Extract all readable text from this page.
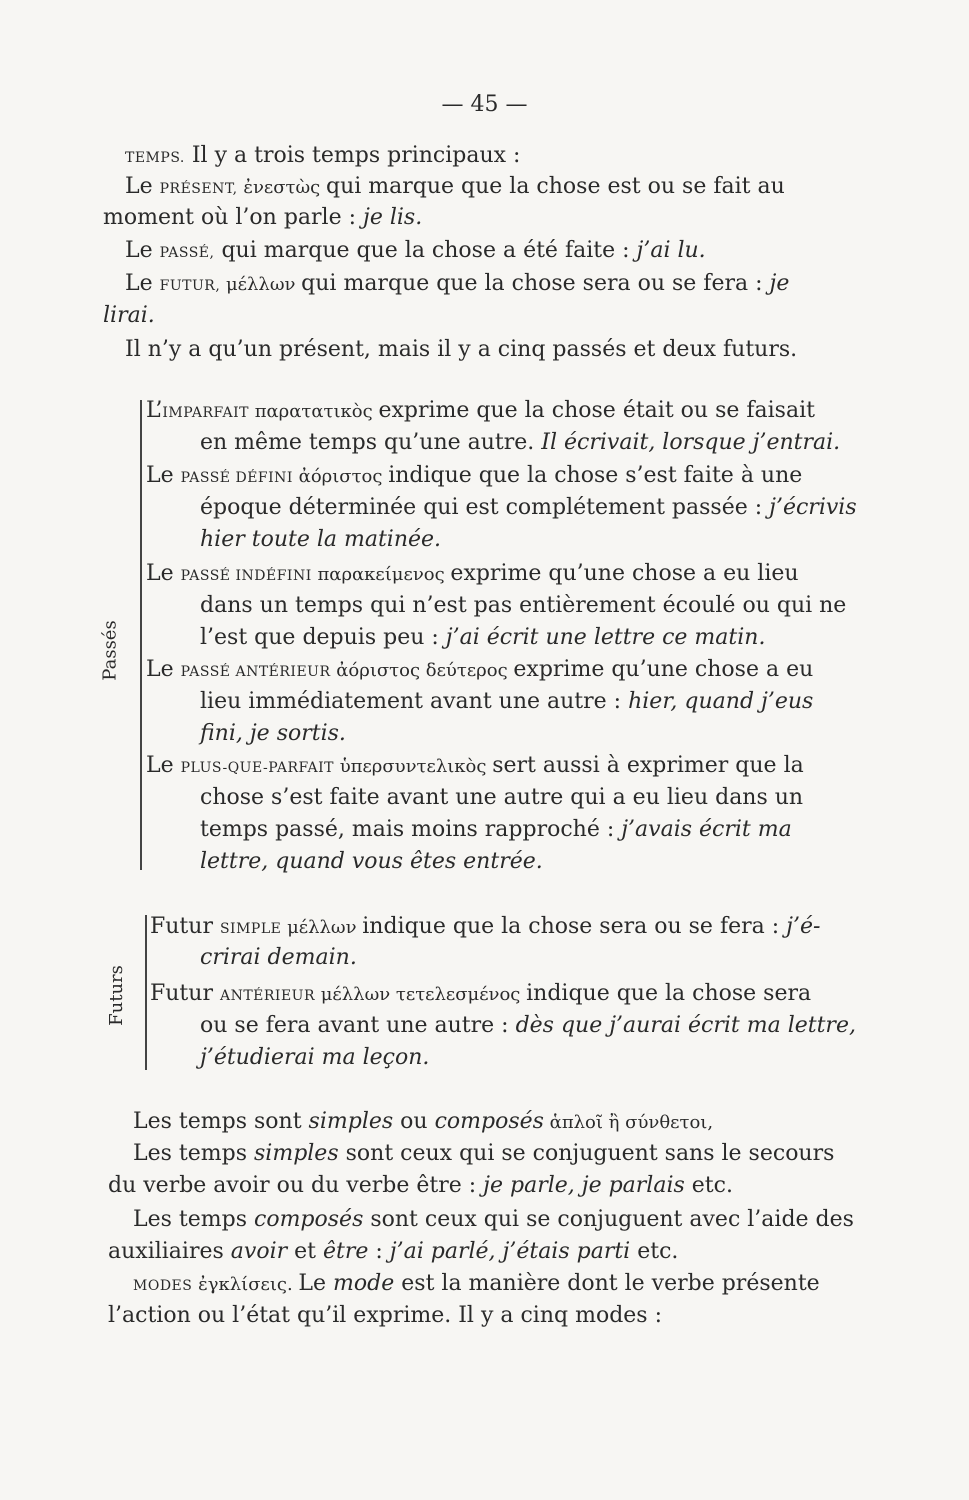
— 45 —
TEMPS. Il y a trois temps principaux :
Le PRÉSENT, ἐνεστὼς qui marque que la chose est ou se fait au
moment où l’on parle : je lis.
Le PASSÉ, qui marque que la chose a été faite : j’ai lu.
Le FUTUR, μέλλων qui marque que la chose sera ou se fera : je
lirai.
Il n’y a qu’un présent, mais il y a cinq passés et deux futurs.
Passés
L’IMPARFAIT παρατατικὸς exprime que la chose était ou se faisait
en même temps qu’une autre. Il écrivait, lorsque j’entrai.
Le PASSÉ DÉFINI ἀόριστος indique que la chose s’est faite à une
époque déterminée qui est complétement passée : j’écrivis
hier toute la matinée.
Le PASSÉ INDÉFINI παρακείμενος exprime qu’une chose a eu lieu
dans un temps qui n’est pas entièrement écoulé ou qui ne
l’est que depuis peu : j’ai écrit une lettre ce matin.
Le PASSÉ ANTÉRIEUR ἀόριστος δεύτερος exprime qu’une chose a eu
lieu immédiatement avant une autre : hier, quand j’eus
fini, je sortis.
Le PLUS-QUE-PARFAIT ὑπερσυντελικὸς sert aussi à exprimer que la
chose s’est faite avant une autre qui a eu lieu dans un
temps passé, mais moins rapproché : j’avais écrit ma
lettre, quand vous êtes entrée.
Futurs
Futur SIMPLE μέλλων indique que la chose sera ou se fera : j’é-
crirai demain.
Futur ANTÉRIEUR μέλλων τετελεσμένος indique que la chose sera
ou se fera avant une autre : dès que j’aurai écrit ma lettre,
j’étudierai ma leçon.
Les temps sont simples ou composés ἁπλοῖ ἢ σύνθετοι,
Les temps simples sont ceux qui se conjuguent sans le secours
du verbe avoir ou du verbe être : je parle, je parlais etc.
Les temps composés sont ceux qui se conjuguent avec l’aide des
auxiliaires avoir et être : j’ai parlé, j’étais parti etc.
MODES ἐγκλίσεις. Le mode est la manière dont le verbe présente
l’action ou l’état qu’il exprime. Il y a cinq modes :
